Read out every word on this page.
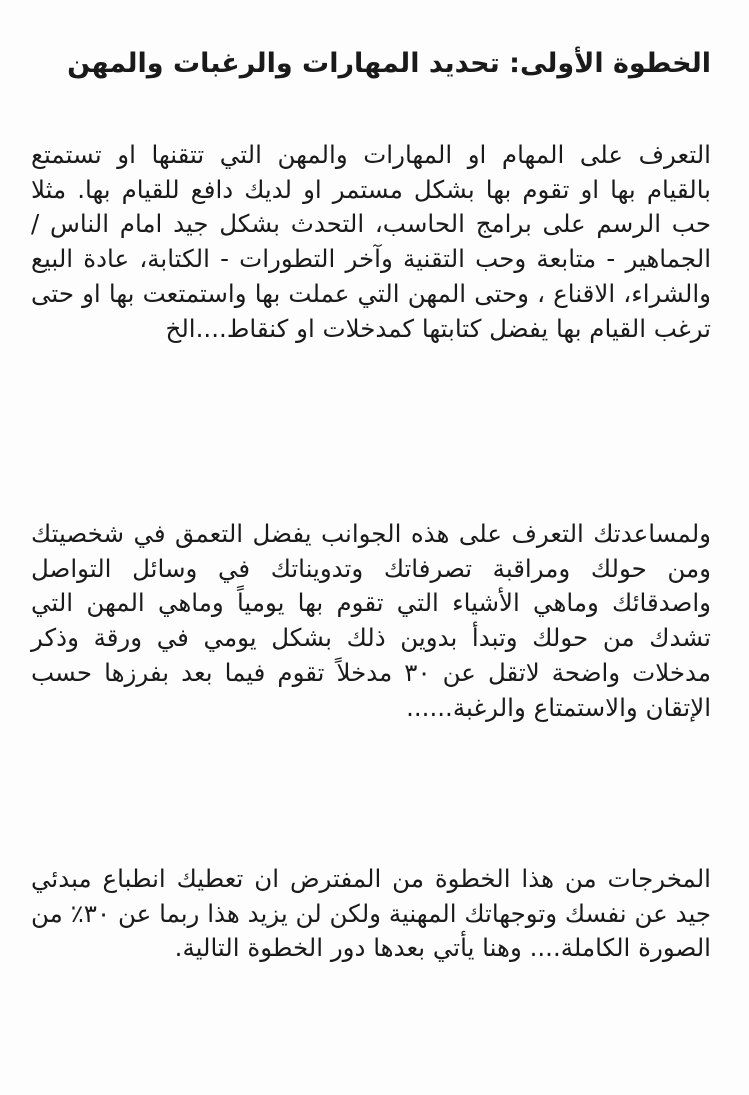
الخطوة الأولى: تحديد المهارات والرغبات والمهن

التعرف على المهام او المهارات والمهن التي تتقنها او تستمتع بالقيام بها او تقوم بها بشكل مستمر او لديك دافع للقيام بها. مثلا حب الرسم على برامج الحاسب، التحدث بشكل جيد امام الناس / الجماهير - متابعة وحب التقنية وآخر التطورات - الكتابة، عادة البيع والشراء، الاقناع ، وحتى المهن التي عملت بها واستمتعت بها او حتى ترغب القيام بها يفضل كتابتها كمدخلات او كنقاط....الخ

ولمساعدتك التعرف على هذه الجوانب يفضل التعمق في شخصيتك ومن حولك ومراقبة تصرفاتك وتدويناتك في وسائل التواصل واصدقائك وماهي الأشياء التي تقوم بها يومياً وماهي المهن التي تشدك من حولك وتبدأ بدوين ذلك بشكل يومي في ورقة وذكر مدخلات واضحة لاتقل عن ٣٠ مدخلاً تقوم فيما بعد بفرزها حسب الإتقان والاستمتاع والرغبة......

المخرجات من هذا الخطوة من المفترض ان تعطيك انطباع مبدئي جيد عن نفسك وتوجهاتك المهنية ولكن لن يزيد هذا ربما عن ٣٠٪ من الصورة الكاملة.... وهنا يأتي بعدها دور الخطوة التالية.
